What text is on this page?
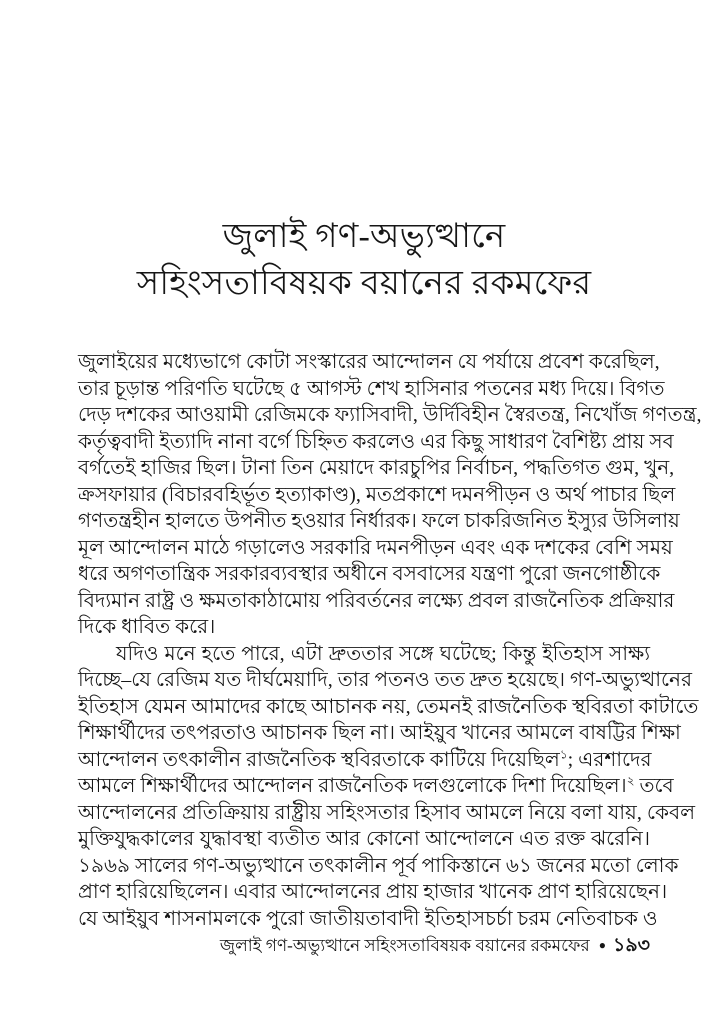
জুলাই গণ-অভ্যুত্থানে
সহিংসতাবিষয়ক বয়ানের রকমফের
জুলাইয়ের মধ্যেভাগে কোটা সংস্কারের আন্দোলন যে পর্যায়ে প্রবেশ করেছিল,
তার চূড়ান্ত পরিণতি ঘটেছে ৫ আগস্ট শেখ হাসিনার পতনের মধ্য দিয়ে। বিগত
দেড় দশকের আওয়ামী রেজিমকে ফ্যাসিবাদী, উর্দিবিহীন স্বৈরতন্ত্র, নিখোঁজ গণতন্ত্র,
কর্তৃত্ববাদী ইত্যাদি নানা বর্গে চিহ্নিত করলেও এর কিছু সাধারণ বৈশিষ্ট্য প্রায় সব
বর্গতেই হাজির ছিল। টানা তিন মেয়াদে কারচুপির নির্বাচন, পদ্ধতিগত গুম, খুন,
ক্রসফায়ার (বিচারবহির্ভূত হত্যাকাণ্ড), মতপ্রকাশে দমনপীড়ন ও অর্থ পাচার ছিল
গণতন্ত্রহীন হালতে উপনীত হওয়ার নির্ধারক। ফলে চাকরিজনিত ইস্যুর উসিলায়
মূল আন্দোলন মাঠে গড়ালেও সরকারি দমনপীড়ন এবং এক দশকের বেশি সময়
ধরে অগণতান্ত্রিক সরকারব্যবস্থার অধীনে বসবাসের যন্ত্রণা পুরো জনগোষ্ঠীকে
বিদ্যমান রাষ্ট্র ও ক্ষমতাকাঠামোয় পরিবর্তনের লক্ষ্যে প্রবল রাজনৈতিক প্রক্রিয়ার
দিকে ধাবিত করে।
যদিও মনে হতে পারে, এটা দ্রুততার সঙ্গে ঘটেছে; কিন্তু ইতিহাস সাক্ষ্য
দিচ্ছে–যে রেজিম যত দীর্ঘমেয়াদি, তার পতনও তত দ্রুত হয়েছে। গণ-অভ্যুত্থানের
ইতিহাস যেমন আমাদের কাছে আচানক নয়, তেমনই রাজনৈতিক স্থবিরতা কাটাতে
শিক্ষার্থীদের তৎপরতাও আচানক ছিল না। আইয়ুব খানের আমলে বাষট্টির শিক্ষা
আন্দোলন তৎকালীন রাজনৈতিক স্থবিরতাকে কাটিয়ে দিয়েছিল$^১$; এরশাদের
আমলে শিক্ষার্থীদের আন্দোলন রাজনৈতিক দলগুলোকে দিশা দিয়েছিল।$^২$ তবে
আন্দোলনের প্রতিক্রিয়ায় রাষ্ট্রীয় সহিংসতার হিসাব আমলে নিয়ে বলা যায়, কেবল
মুক্তিযুদ্ধকালের যুদ্ধাবস্থা ব্যতীত আর কোনো আন্দোলনে এত রক্ত ঝরেনি।
১৯৬৯ সালের গণ-অভ্যুত্থানে তৎকালীন পূর্ব পাকিস্তানে ৬১ জনের মতো লোক
প্রাণ হারিয়েছিলেন। এবার আন্দোলনের প্রায় হাজার খানেক প্রাণ হারিয়েছেন।
যে আইয়ুব শাসনামলকে পুরো জাতীয়তাবাদী ইতিহাসচর্চা চরম নেতিবাচক ও
জুলাই গণ-অভ্যুত্থানে সহিংসতাবিষয়ক বয়ানের রকমফের ● ১৯৩
